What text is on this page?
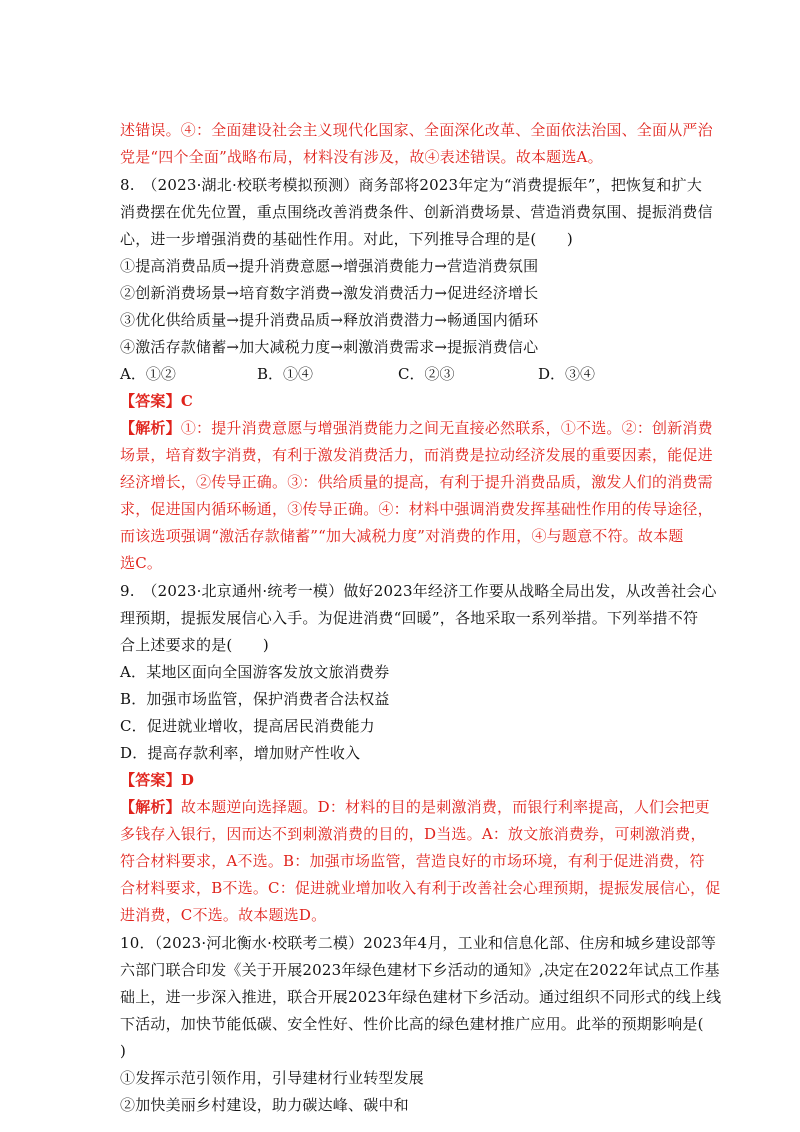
述错误。④：全面建设社会主义现代化国家、全面深化改革、全面依法治国、全面从严治
党是“四个全面”战略布局，材料没有涉及，故④表述错误。故本题选A。
8.　（2023·湖北·校联考模拟预测）商务部将2023年定为“消费提振年”，把恢复和扩大
消费摆在优先位置，重点围绕改善消费条件、创新消费场景、营造消费氛围、提振消费信
心，进一步增强消费的基础性作用。对此，下列推导合理的是(　　)
①提高消费品质→提升消费意愿→增强消费能力→营造消费氛围
②创新消费场景→培育数字消费→激发消费活力→促进经济增长
③优化供给质量→提升消费品质→释放消费潜力→畅通国内循环
④激活存款储蓄→加大减税力度→刺激消费需求→提振消费信心
A．①②	B．①④	C．②③	D．③④
【答案】C
【解析】①：提升消费意愿与增强消费能力之间无直接必然联系，①不选。②：创新消费
场景，培育数字消费，有利于激发消费活力，而消费是拉动经济发展的重要因素，能促进
经济增长，②传导正确。③：供给质量的提高，有利于提升消费品质，激发人们的消费需
求，促进国内循环畅通，③传导正确。④：材料中强调消费发挥基础性作用的传导途径，
而该选项强调“激活存款储蓄”“加大减税力度”对消费的作用，④与题意不符。故本题
选C。
9.　（2023·北京通州·统考一模）做好2023年经济工作要从战略全局出发，从改善社会心
理预期，提振发展信心入手。为促进消费“回暖”，各地采取一系列举措。下列举措不符
合上述要求的是(　　)
A．某地区面向全国游客发放文旅消费券
B．加强市场监管，保护消费者合法权益
C．促进就业增收，提高居民消费能力
D．提高存款利率，增加财产性收入
【答案】D
【解析】故本题逆向选择题。D：材料的目的是刺激消费，而银行利率提高，人们会把更
多钱存入银行，因而达不到刺激消费的目的，D当选。A：放文旅消费券，可刺激消费，
符合材料要求，A不选。B：加强市场监管，营造良好的市场环境，有利于促进消费，符
合材料要求，B不选。C：促进就业增加收入有利于改善社会心理预期，提振发展信心，促
进消费，C不选。故本题选D。
10．（2023·河北衡水·校联考二模）2023年4月，工业和信息化部、住房和城乡建设部等
六部门联合印发《关于开展2023年绿色建材下乡活动的通知》,决定在2022年试点工作基
础上，进一步深入推进，联合开展2023年绿色建材下乡活动。通过组织不同形式的线上线
下活动，加快节能低碳、安全性好、性价比高的绿色建材推广应用。此举的预期影响是(
)
①发挥示范引领作用，引导建材行业转型发展
②加快美丽乡村建设，助力碳达峰、碳中和
